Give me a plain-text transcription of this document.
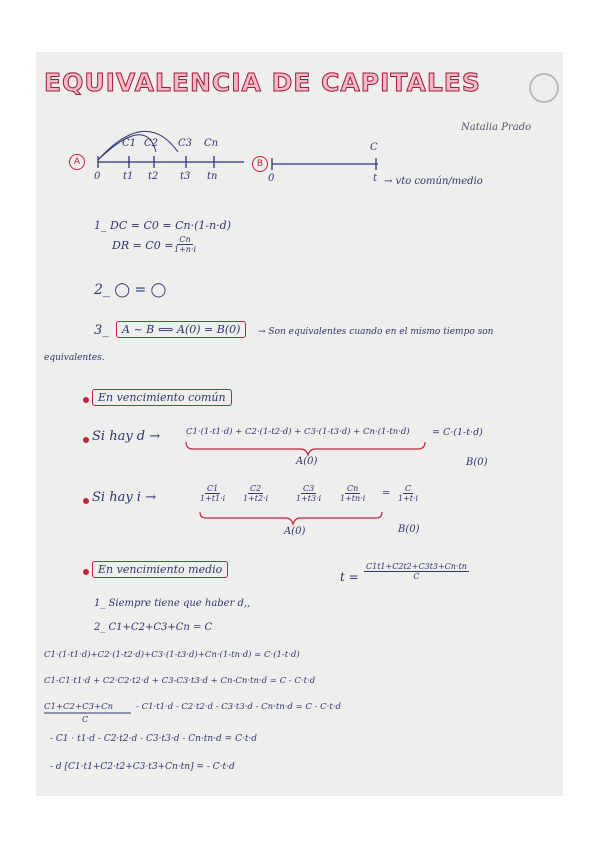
EQUIVALENCIA DE CAPITALES
Natalia Prado
A
C1 C2 C3 Cn
0 t1 t2 t3 tn
B
C
0	t → vto común/medio
1_ DC = C0 = Cn·(1-n·d)
DR = C0 =
$\frac{Cn}{1+n\cdot i}$
2_ ◯ = ◯
3_	A ~ B ⟺ A(0) = B(0)	→ Son equivalentes cuando en el mismo tiempo son
equivalentes.
En vencimiento común
Si hay d →	C1·(1-t1·d) + C2·(1-t2·d) + C3·(1-t3·d) + Cn·(1-tn·d) = C·(1-t·d)
A(0)	B(0)
Si hay i →	$\frac{C1}{1+t1\cdot i} \frac{C2}{1+t2\cdot i}$	$\frac{C3}{1+t3\cdot i} \frac{Cn}{1+tn\cdot i} = \frac{C}{1+t\cdot i}$
A(0)	B(0)
En vencimiento medio
$t = \frac{C1t1+C2t2+C3t3+Cn\cdot tn}{C}$
1_ Siempre tiene que haber d,,
2_ C1+C2+C3+Cn = C
C1·(1-t1·d)+C2·(1-t2·d)+C3·(1-t3·d)+Cn·(1-tn·d) = C·(1-t·d)
C1-C1·t1·d + C2·C2·t2·d + C3-C3·t3·d + Cn-Cn·tn·d = C - C·t·d
C1+C2+C3+Cn	- C1·t1·d - C2·t2·d - C3·t3·d - Cn·tn·d = C - C·t·d
C
- C1 · t1·d - C2·t2·d - C3·t3·d - Cn·tn·d = C·t·d
- d [C1·t1+C2·t2+C3·t3+Cn·tn] = - C·t·d
